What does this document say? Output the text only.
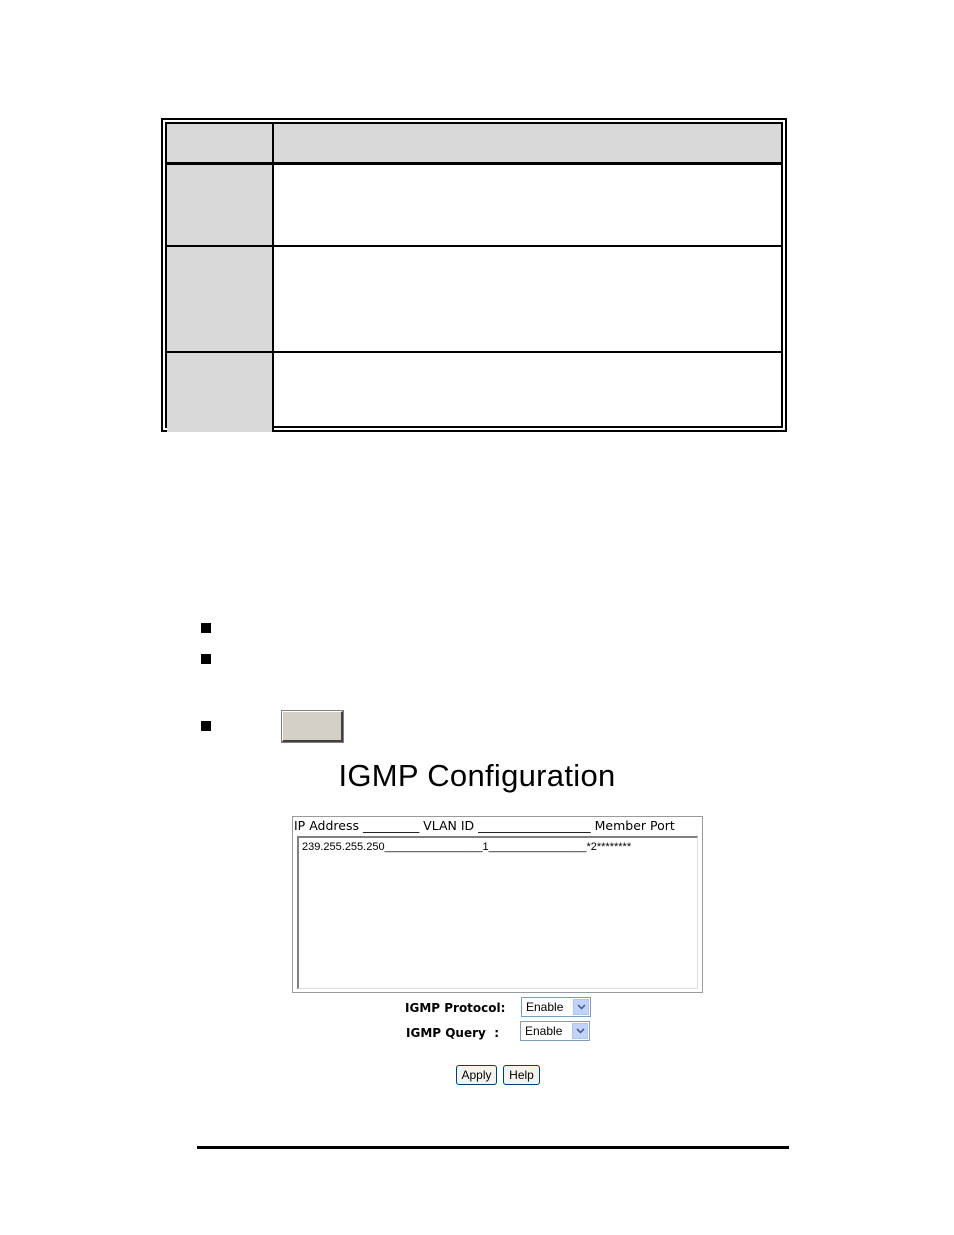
IGMP Configuration
IP Address _________ VLAN ID __________________ Member Port
239.255.255.250________________1________________*2********
IGMP Protocol: Enable
IGMP Query  : Enable
Apply	Help
